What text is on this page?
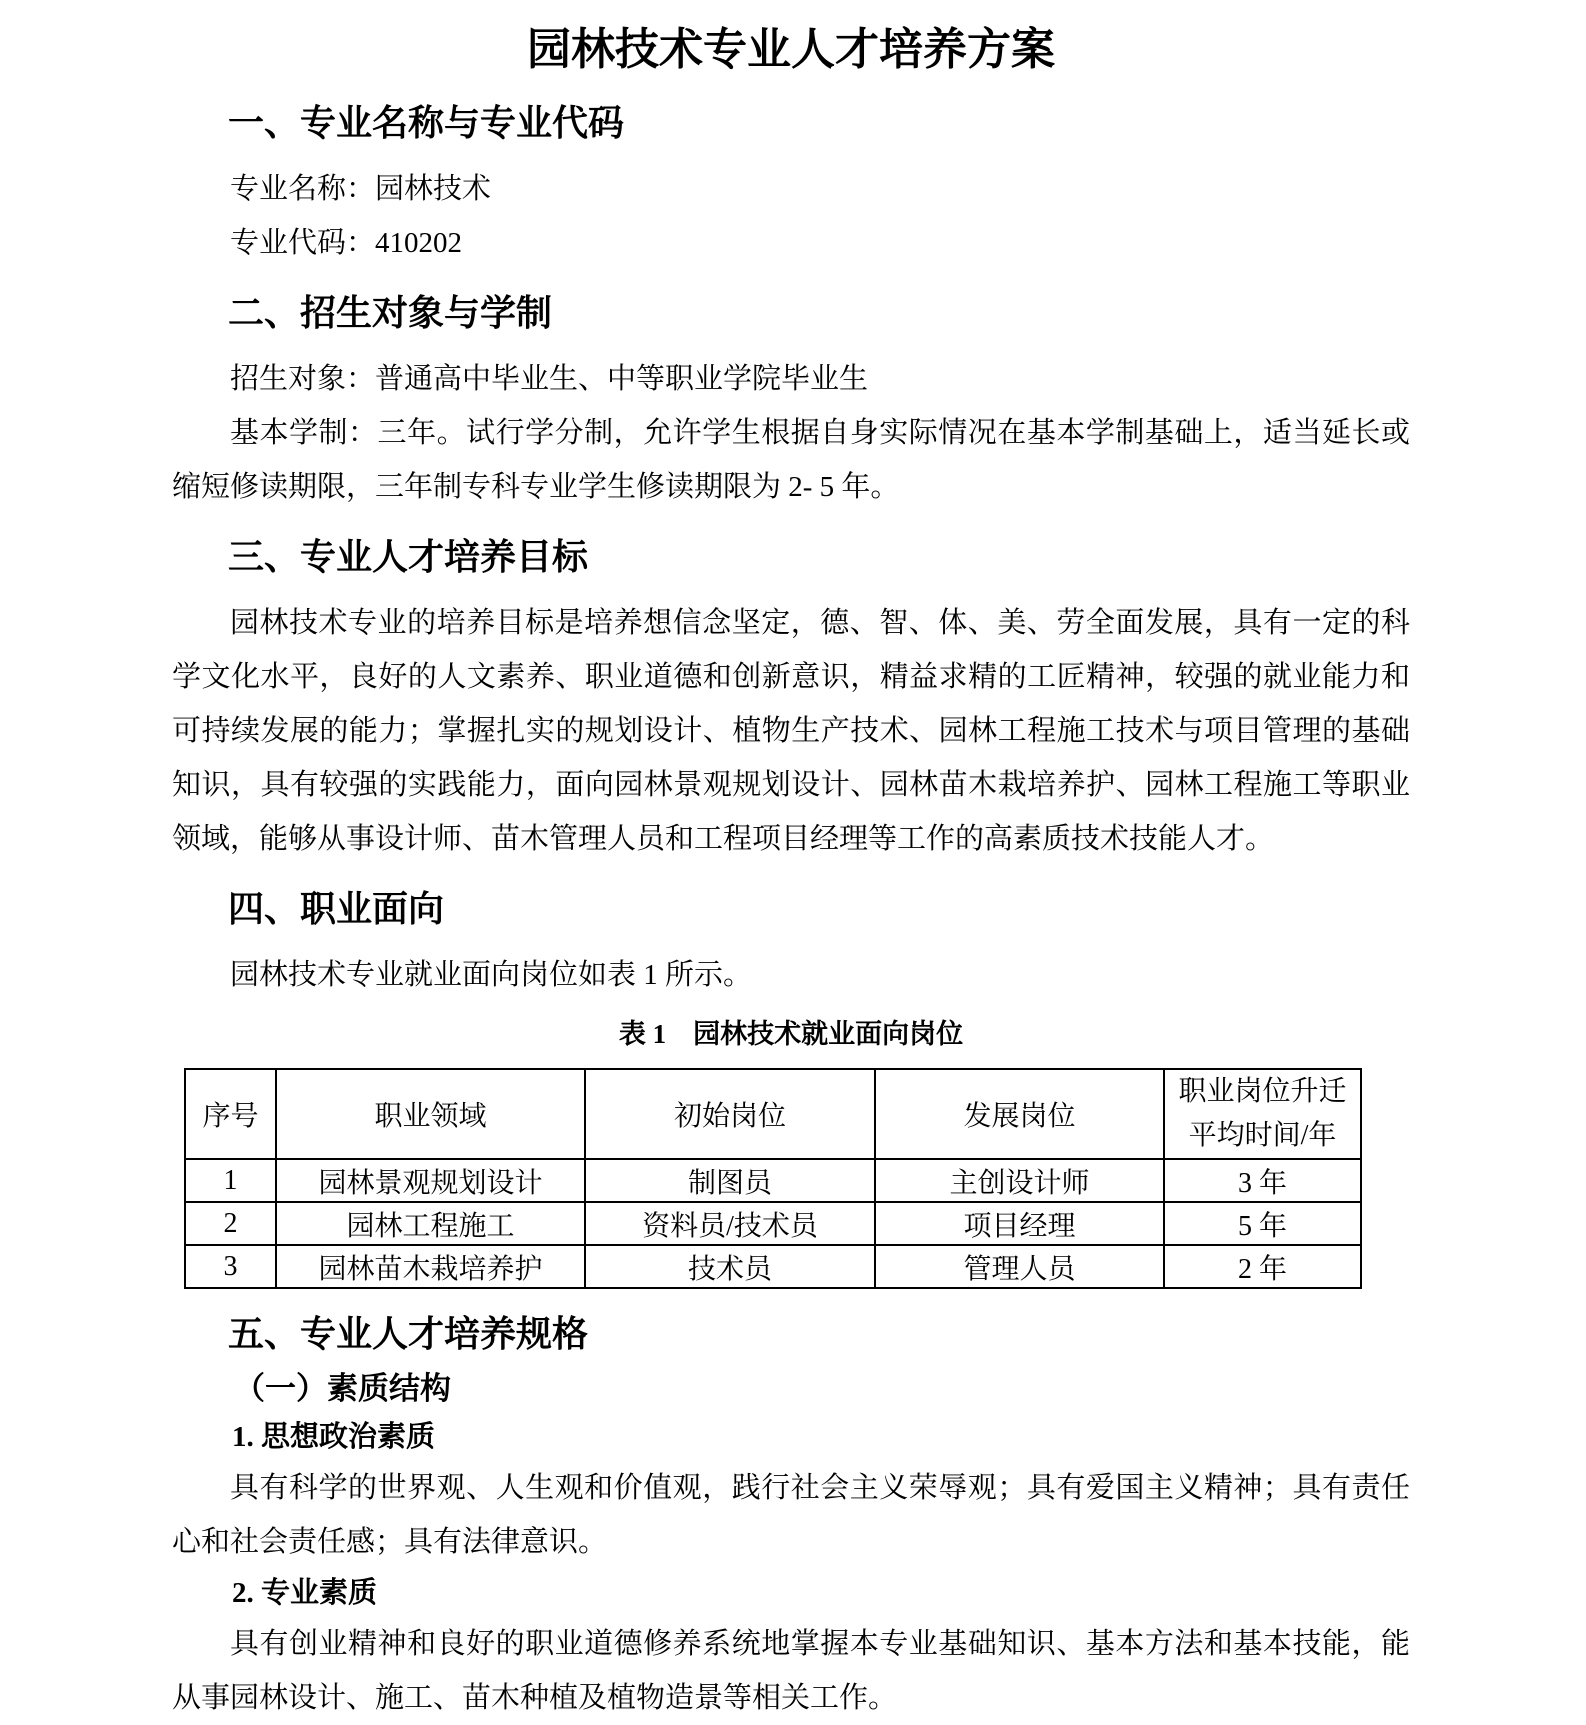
园林技术专业人才培养方案
一、专业名称与专业代码

专业名称：园林技术

专业代码：410202

二、招生对象与学制

招生对象：普通高中毕业生、中等职业学院毕业生

基本学制：三年。试行学分制，允许学生根据自身实际情况在基本学制基础上，适当延长或缩短修读期限，三年制专科专业学生修读期限为 2- 5 年。

三、专业人才培养目标

园林技术专业的培养目标是培养想信念坚定，德、智、体、美、劳全面发展，具有一定的科学文化水平，良好的人文素养、职业道德和创新意识，精益求精的工匠精神，较强的就业能力和可持续发展的能力；掌握扎实的规划设计、植物生产技术、园林工程施工技术与项目管理的基础知识，具有较强的实践能力，面向园林景观规划设计、园林苗木栽培养护、园林工程施工等职业领域，能够从事设计师、苗木管理人员和工程项目经理等工作的高素质技术技能人才。

四、职业面向

园林技术专业就业面向岗位如表 1 所示。

表 1　园林技术就业面向岗位
序号	职业领域	初始岗位	发展岗位	职业岗位升迁
平均时间/年

1	园林景观规划设计	制图员	主创设计师	3 年
2	园林工程施工	资料员/技术员	项目经理	5 年
3	园林苗木栽培养护	技术员	管理人员	2 年
五、专业人才培养规格
（一）素质结构
1. 思想政治素质

具有科学的世界观、人生观和价值观，践行社会主义荣辱观；具有爱国主义精神；具有责任心和社会责任感；具有法律意识。

2. 专业素质

具有创业精神和良好的职业道德修养系统地掌握本专业基础知识、基本方法和基本技能，能从事园林设计、施工、苗木种植及植物造景等相关工作。
